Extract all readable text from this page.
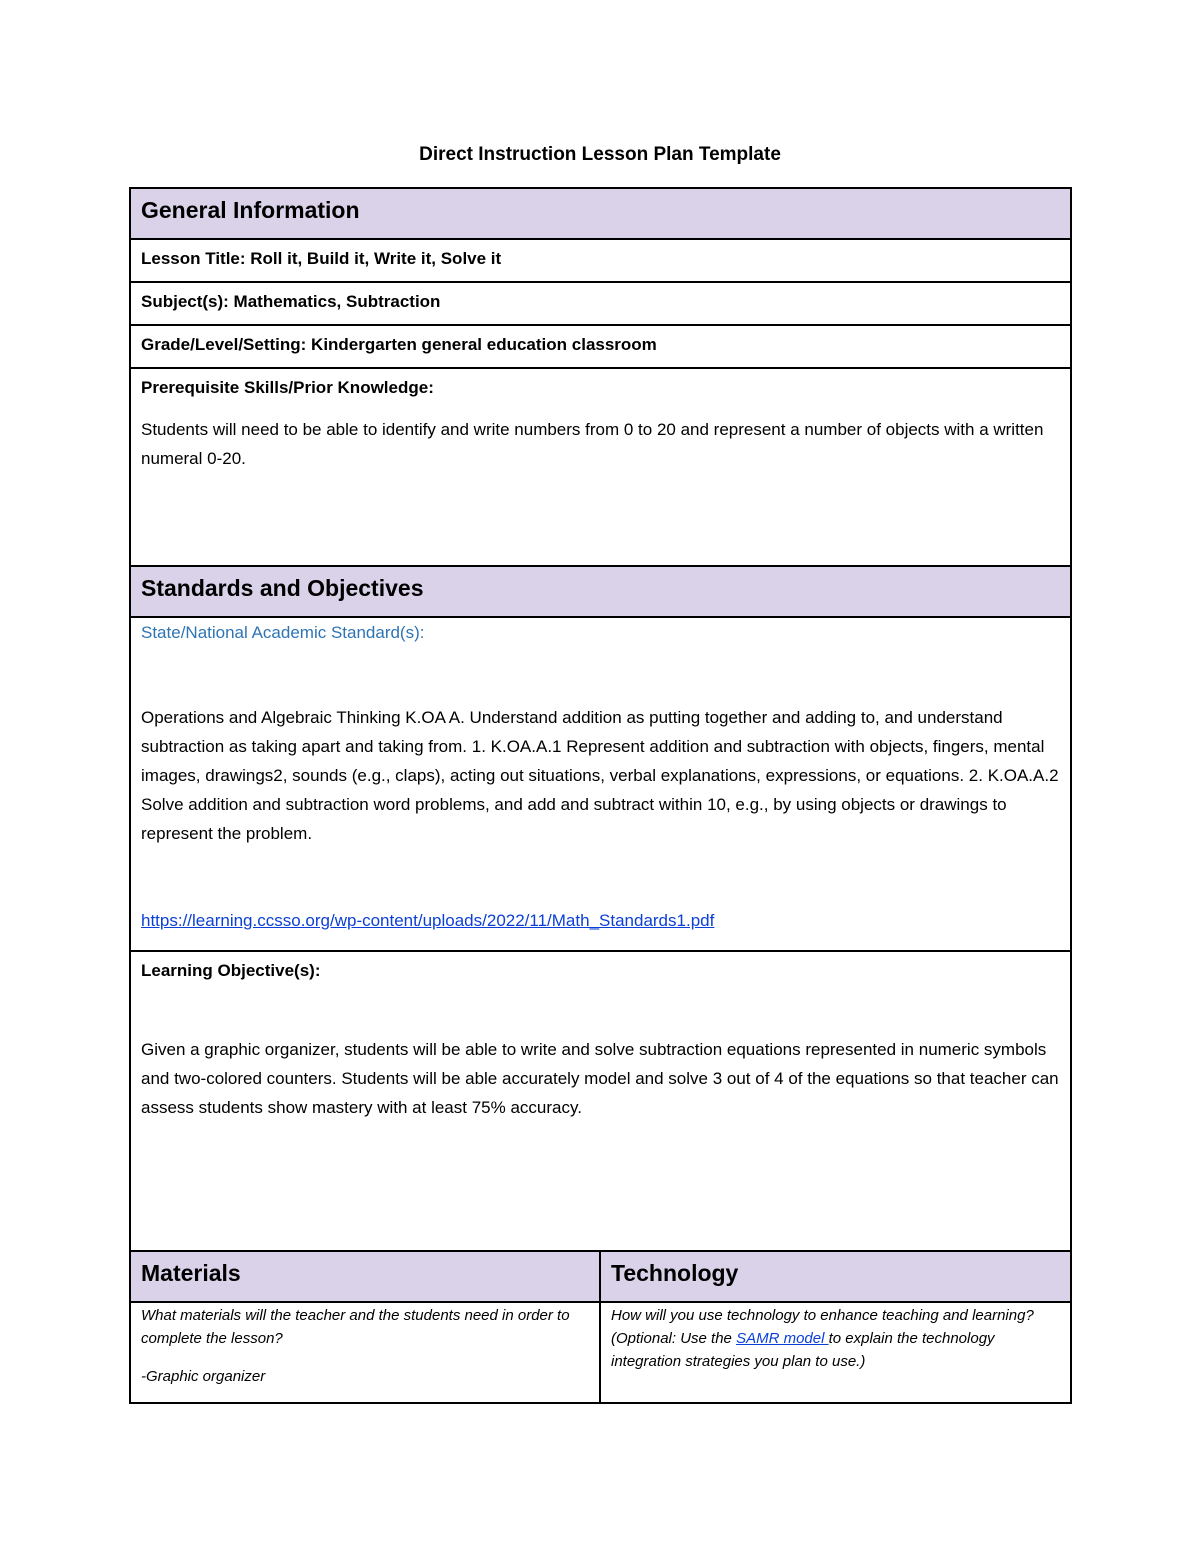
Direct Instruction Lesson Plan Template
General Information	

Lesson Title: Roll it, Build it, Write it, Solve it	
Subject(s): Mathematics, Subtraction	
Grade/Level/Setting: Kindergarten general education classroom	

Prerequisite Skills/Prior Knowledge:
Students will need to be able to identify and write numbers from 0 to 20 and represent a number of objects with a written numeral 0-20.	

Standards and Objectives	

State/National Academic Standard(s):
Operations and Algebraic Thinking K.OA A. Understand addition as putting together and adding to, and understand subtraction as taking apart and taking from. 1. K.OA.A.1 Represent addition and subtraction with objects, fingers, mental images, drawings2, sounds (e.g., claps), acting out situations, verbal explanations, expressions, or equations. 2. K.OA.A.2 Solve addition and subtraction word problems, and add and subtract within 10, e.g., by using objects or drawings to represent the problem.
https://learning.ccsso.org/wp-content/uploads/2022/11/Math_Standards1.pdf	

Learning Objective(s):
Given a graphic organizer, students will be able to write and solve subtraction equations represented in numeric symbols and two-colored counters. Students will be able accurately model and solve 3 out of 4 of the equations so that teacher can assess students show mastery with at least 75% accuracy.	

Materials	Technology

What materials will the teacher and the students need in order to complete the lesson?
-Graphic organizer	How will you use technology to enhance teaching and learning? (Optional: Use the SAMR model to explain the technology integration strategies you plan to use.)
